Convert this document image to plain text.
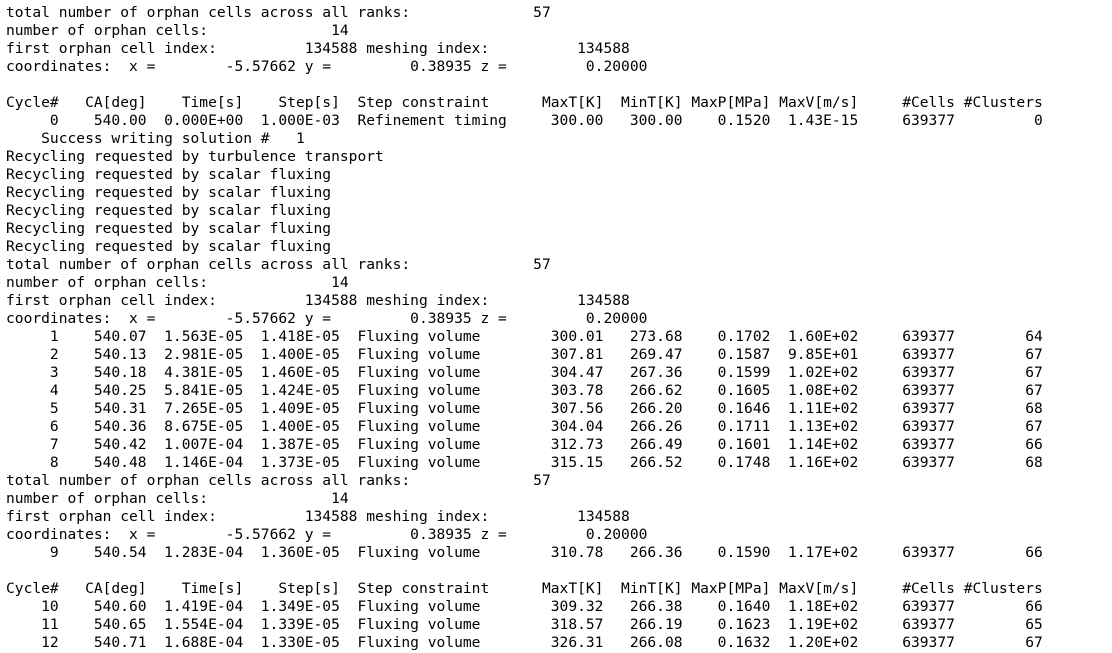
total number of orphan cells across all ranks:              57
number of orphan cells:              14
first orphan cell index:          134588 meshing index:          134588
coordinates:  x =        -5.57662 y =         0.38935 z =         0.20000
Cycle#   CA[deg]    Time[s]    Step[s]  Step constraint      MaxT[K]  MinT[K] MaxP[MPa] MaxV[m/s]     #Cells #Clusters
0    540.00  0.000E+00  1.000E-03  Refinement timing     300.00   300.00    0.1520  1.43E-15     639377         0
Success writing solution #   1
Recycling requested by turbulence transport
Recycling requested by scalar fluxing
Recycling requested by scalar fluxing
Recycling requested by scalar fluxing
Recycling requested by scalar fluxing
Recycling requested by scalar fluxing
total number of orphan cells across all ranks:              57
number of orphan cells:              14
first orphan cell index:          134588 meshing index:          134588
coordinates:  x =        -5.57662 y =         0.38935 z =         0.20000
1    540.07  1.563E-05  1.418E-05  Fluxing volume        300.01   273.68    0.1702  1.60E+02     639377        64
2    540.13  2.981E-05  1.400E-05  Fluxing volume        307.81   269.47    0.1587  9.85E+01     639377        67
3    540.18  4.381E-05  1.460E-05  Fluxing volume        304.47   267.36    0.1599  1.02E+02     639377        67
4    540.25  5.841E-05  1.424E-05  Fluxing volume        303.78   266.62    0.1605  1.08E+02     639377        67
5    540.31  7.265E-05  1.409E-05  Fluxing volume        307.56   266.20    0.1646  1.11E+02     639377        68
6    540.36  8.675E-05  1.400E-05  Fluxing volume        304.04   266.26    0.1711  1.13E+02     639377        67
7    540.42  1.007E-04  1.387E-05  Fluxing volume        312.73   266.49    0.1601  1.14E+02     639377        66
8    540.48  1.146E-04  1.373E-05  Fluxing volume        315.15   266.52    0.1748  1.16E+02     639377        68
total number of orphan cells across all ranks:              57
number of orphan cells:              14
first orphan cell index:          134588 meshing index:          134588
coordinates:  x =        -5.57662 y =         0.38935 z =         0.20000
9    540.54  1.283E-04  1.360E-05  Fluxing volume        310.78   266.36    0.1590  1.17E+02     639377        66
Cycle#   CA[deg]    Time[s]    Step[s]  Step constraint      MaxT[K]  MinT[K] MaxP[MPa] MaxV[m/s]     #Cells #Clusters
10    540.60  1.419E-04  1.349E-05  Fluxing volume        309.32   266.38    0.1640  1.18E+02     639377        66
11    540.65  1.554E-04  1.339E-05  Fluxing volume        318.57   266.19    0.1623  1.19E+02     639377        65
12    540.71  1.688E-04  1.330E-05  Fluxing volume        326.31   266.08    0.1632  1.20E+02     639377        67
